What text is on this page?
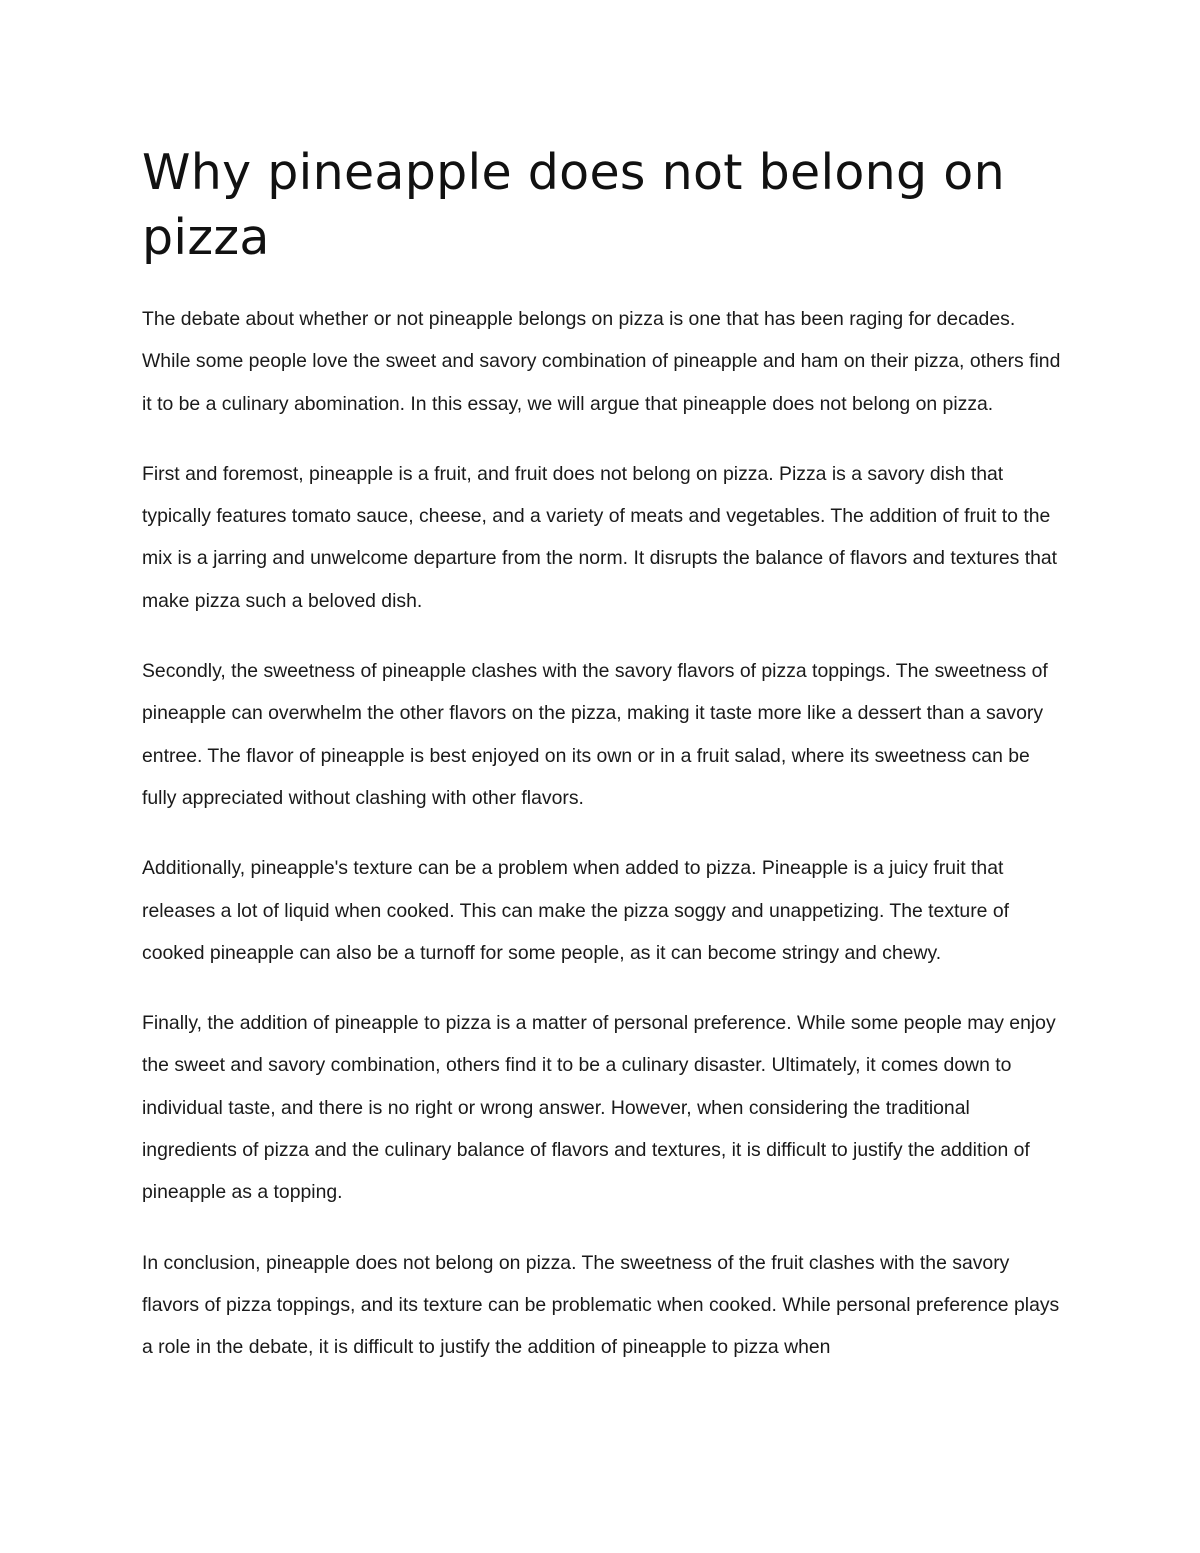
Why pineapple does not belong on pizza

The debate about whether or not pineapple belongs on pizza is one that has been raging for decades. While some people love the sweet and savory combination of pineapple and ham on their pizza, others find it to be a culinary abomination. In this essay, we will argue that pineapple does not belong on pizza.

First and foremost, pineapple is a fruit, and fruit does not belong on pizza. Pizza is a savory dish that typically features tomato sauce, cheese, and a variety of meats and vegetables. The addition of fruit to the mix is a jarring and unwelcome departure from the norm. It disrupts the balance of flavors and textures that make pizza such a beloved dish.

Secondly, the sweetness of pineapple clashes with the savory flavors of pizza toppings. The sweetness of pineapple can overwhelm the other flavors on the pizza, making it taste more like a dessert than a savory entree. The flavor of pineapple is best enjoyed on its own or in a fruit salad, where its sweetness can be fully appreciated without clashing with other flavors.

Additionally, pineapple's texture can be a problem when added to pizza. Pineapple is a juicy fruit that releases a lot of liquid when cooked. This can make the pizza soggy and unappetizing. The texture of cooked pineapple can also be a turnoff for some people, as it can become stringy and chewy.

Finally, the addition of pineapple to pizza is a matter of personal preference. While some people may enjoy the sweet and savory combination, others find it to be a culinary disaster. Ultimately, it comes down to individual taste, and there is no right or wrong answer. However, when considering the traditional ingredients of pizza and the culinary balance of flavors and textures, it is difficult to justify the addition of pineapple as a topping.

In conclusion, pineapple does not belong on pizza. The sweetness of the fruit clashes with the savory flavors of pizza toppings, and its texture can be problematic when cooked. While personal preference plays a role in the debate, it is difficult to justify the addition of pineapple to pizza when
